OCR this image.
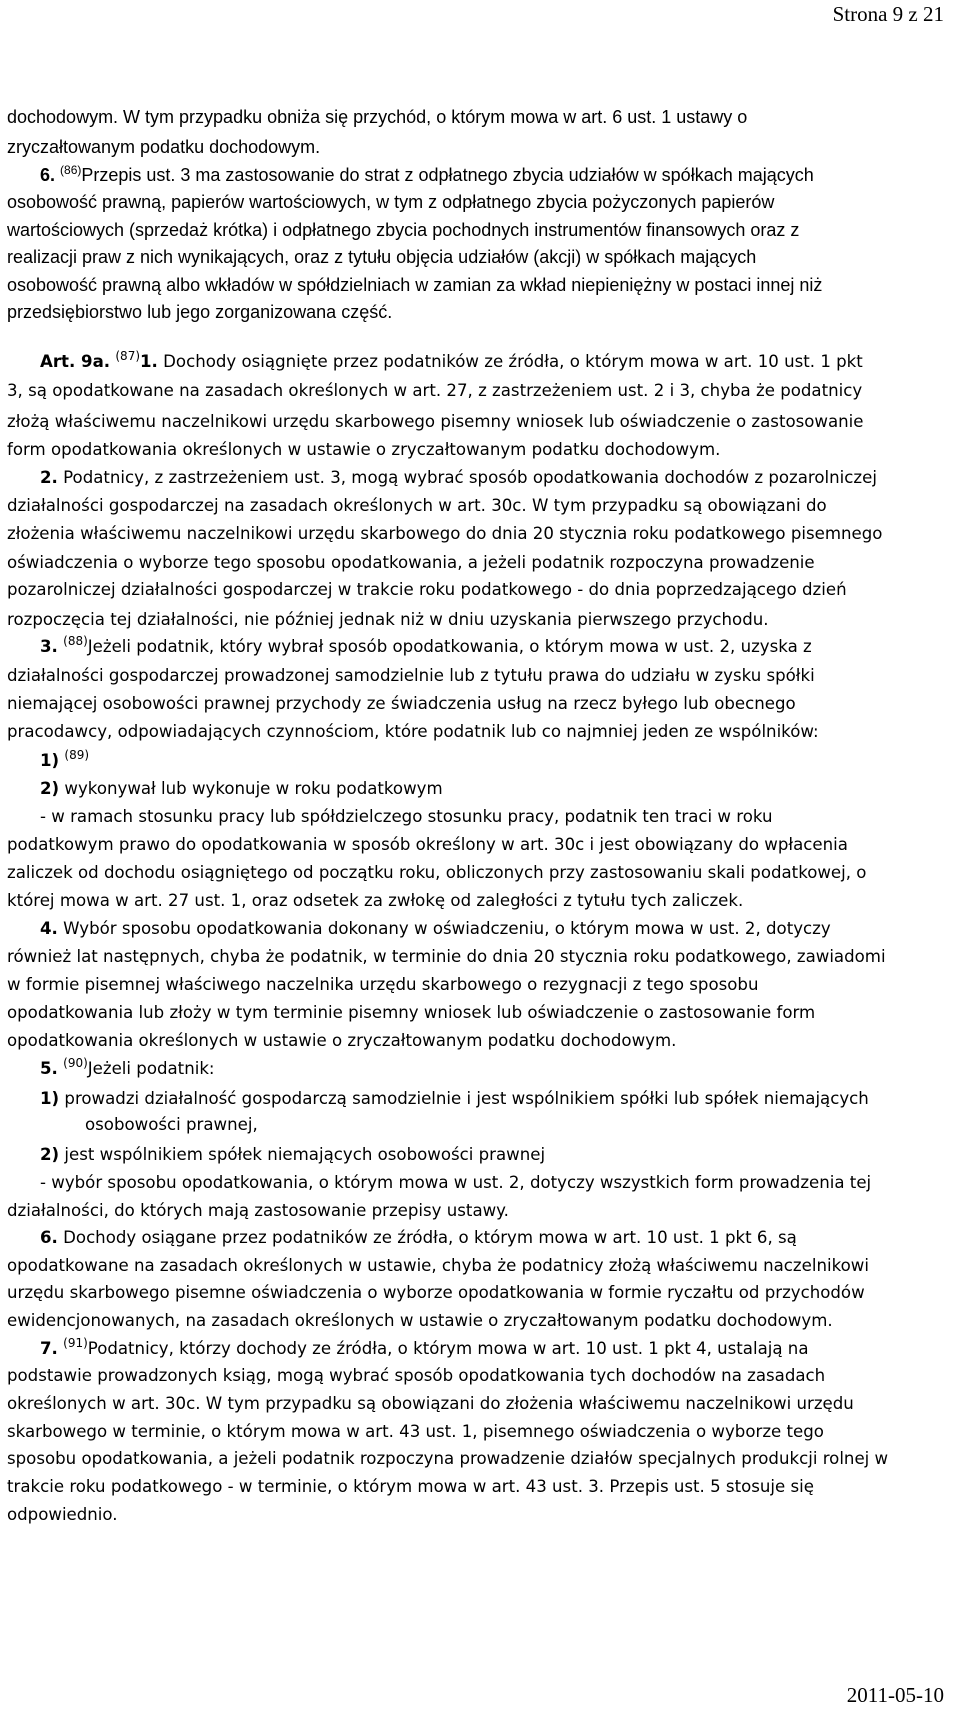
Strona 9 z 21
dochodowym. W tym przypadku obniża się przychód, o którym mowa w art. 6 ust. 1 ustawy o
zryczałtowanym podatku dochodowym.
6. $^{(86)}$Przepis ust. 3 ma zastosowanie do strat z odpłatnego zbycia udziałów w spółkach mających
osobowość prawną, papierów wartościowych, w tym z odpłatnego zbycia pożyczonych papierów
wartościowych (sprzedaż krótka) i odpłatnego zbycia pochodnych instrumentów finansowych oraz z
realizacji praw z nich wynikających, oraz z tytułu objęcia udziałów (akcji) w spółkach mających
osobowość prawną albo wkładów w spółdzielniach w zamian za wkład niepieniężny w postaci innej niż
przedsiębiorstwo lub jego zorganizowana część.
Art. 9a. $^{(87)}$1. Dochody osiągnięte przez podatników ze źródła, o którym mowa w art. 10 ust. 1 pkt
3, są opodatkowane na zasadach określonych w art. 27, z zastrzeżeniem ust. 2 i 3, chyba że podatnicy
złożą właściwemu naczelnikowi urzędu skarbowego pisemny wniosek lub oświadczenie o zastosowanie
form opodatkowania określonych w ustawie o zryczałtowanym podatku dochodowym.
2. Podatnicy, z zastrzeżeniem ust. 3, mogą wybrać sposób opodatkowania dochodów z pozarolniczej
działalności gospodarczej na zasadach określonych w art. 30c. W tym przypadku są obowiązani do
złożenia właściwemu naczelnikowi urzędu skarbowego do dnia 20 stycznia roku podatkowego pisemnego
oświadczenia o wyborze tego sposobu opodatkowania, a jeżeli podatnik rozpoczyna prowadzenie
pozarolniczej działalności gospodarczej w trakcie roku podatkowego - do dnia poprzedzającego dzień
rozpoczęcia tej działalności, nie później jednak niż w dniu uzyskania pierwszego przychodu.
3. $^{(88)}$Jeżeli podatnik, który wybrał sposób opodatkowania, o którym mowa w ust. 2, uzyska z
działalności gospodarczej prowadzonej samodzielnie lub z tytułu prawa do udziału w zysku spółki
niemającej osobowości prawnej przychody ze świadczenia usług na rzecz byłego lub obecnego
pracodawcy, odpowiadających czynnościom, które podatnik lub co najmniej jeden ze wspólników:
1) $^{(89)}$
2) wykonywał lub wykonuje w roku podatkowym
- w ramach stosunku pracy lub spółdzielczego stosunku pracy, podatnik ten traci w roku
podatkowym prawo do opodatkowania w sposób określony w art. 30c i jest obowiązany do wpłacenia
zaliczek od dochodu osiągniętego od początku roku, obliczonych przy zastosowaniu skali podatkowej, o
której mowa w art. 27 ust. 1, oraz odsetek za zwłokę od zaległości z tytułu tych zaliczek.
4. Wybór sposobu opodatkowania dokonany w oświadczeniu, o którym mowa w ust. 2, dotyczy
również lat następnych, chyba że podatnik, w terminie do dnia 20 stycznia roku podatkowego, zawiadomi
w formie pisemnej właściwego naczelnika urzędu skarbowego o rezygnacji z tego sposobu
opodatkowania lub złoży w tym terminie pisemny wniosek lub oświadczenie o zastosowanie form
opodatkowania określonych w ustawie o zryczałtowanym podatku dochodowym.
5. $^{(90)}$Jeżeli podatnik:
1) prowadzi działalność gospodarczą samodzielnie i jest wspólnikiem spółki lub spółek niemających
osobowości prawnej,
2) jest wspólnikiem spółek niemających osobowości prawnej
- wybór sposobu opodatkowania, o którym mowa w ust. 2, dotyczy wszystkich form prowadzenia tej
działalności, do których mają zastosowanie przepisy ustawy.
6. Dochody osiągane przez podatników ze źródła, o którym mowa w art. 10 ust. 1 pkt 6, są
opodatkowane na zasadach określonych w ustawie, chyba że podatnicy złożą właściwemu naczelnikowi
urzędu skarbowego pisemne oświadczenia o wyborze opodatkowania w formie ryczałtu od przychodów
ewidencjonowanych, na zasadach określonych w ustawie o zryczałtowanym podatku dochodowym.
7. $^{(91)}$Podatnicy, którzy dochody ze źródła, o którym mowa w art. 10 ust. 1 pkt 4, ustalają na
podstawie prowadzonych ksiąg, mogą wybrać sposób opodatkowania tych dochodów na zasadach
określonych w art. 30c. W tym przypadku są obowiązani do złożenia właściwemu naczelnikowi urzędu
skarbowego w terminie, o którym mowa w art. 43 ust. 1, pisemnego oświadczenia o wyborze tego
sposobu opodatkowania, a jeżeli podatnik rozpoczyna prowadzenie działów specjalnych produkcji rolnej w
trakcie roku podatkowego - w terminie, o którym mowa w art. 43 ust. 3. Przepis ust. 5 stosuje się
odpowiednio.
2011-05-10
